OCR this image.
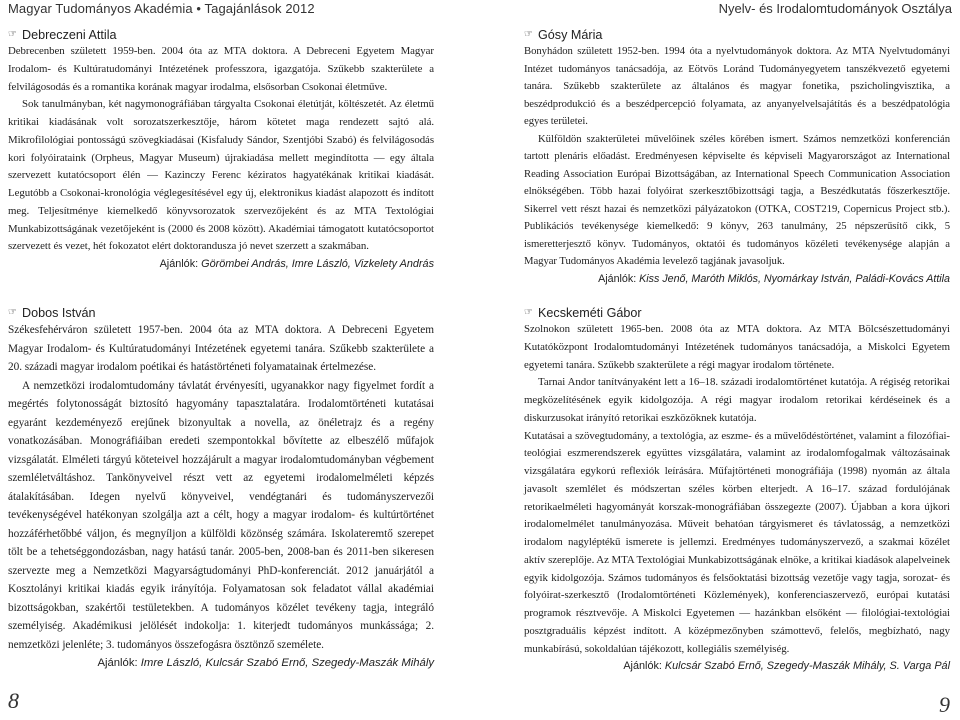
Magyar Tudományos Akadémia • Tagajánlások 2012	Nyelv- és Irodalomtudományok Osztálya
☞ Debreczeni Attila

Debrecenben született 1959-ben. 2004 óta az MTA doktora. A Debreceni Egyetem Magyar Irodalom- és Kultúratudományi Intézetének professzora, igazgatója. Szűkebb szakterülete a felvilágosodás és a romantika korának magyar irodalma, elsősorban Csokonai életműve.

Sok tanulmányban, két nagymonográfiában tárgyalta Csokonai életútját, költészetét. Az életmű kritikai kiadásának volt sorozatszerkesztője, három kötetet maga rendezett sajtó alá. Mikrofilológiai pontosságú szövegkiadásai (Kisfaludy Sándor, Szentjóbi Szabó) és felvilágosodás kori folyóirataink (Orpheus, Magyar Museum) újrakiadása mellett megindította — egy általa szervezett kutatócsoport élén — Kazinczy Ferenc kéziratos hagyatékának kritikai kiadását. Legutóbb a Csokonai-kronológia véglegesítésével egy új, elektronikus kiadást alapozott és indított meg. Teljesítménye kiemelkedő könyvsorozatok szervezőjeként és az MTA Textológiai Munkabizottságának vezetőjeként is (2000 és 2008 között). Akadémiai támogatott kutatócsoportot szervezett és vezet, hét fokozatot elért doktorandusza jó nevet szerzett a szakmában.

Ajánlók: Görömbei András, Imre László, Vizkelety András
☞ Dobos István

Székesfehérváron született 1957-ben. 2004 óta az MTA doktora. A Debreceni Egyetem Magyar Irodalom- és Kultúratudományi Intézetének egyetemi tanára. Szűkebb szakterülete a 20. századi magyar irodalom poétikai és hatástörténeti folyamatainak értelmezése.

A nemzetközi irodalomtudomány távlatát érvényesíti, ugyanakkor nagy figyelmet fordít a megértés folytonosságát biztosító hagyomány tapasztalatára. Irodalomtörténeti kutatásai egyaránt kezdeményező erejűnek bizonyultak a novella, az önéletrajz és a regény vonatkozásában. Monográfiáiban eredeti szempontokkal bővítette az elbeszélő műfajok vizsgálatát. Elméleti tárgyú köteteivel hozzájárult a magyar irodalomtudományban végbement szemléletváltáshoz. Tankönyveivel részt vett az egyetemi irodalomelméleti képzés átalakításában. Idegen nyelvű könyveivel, vendégtanári és tudományszervezői tevékenységével hatékonyan szolgálja azt a célt, hogy a magyar irodalom- és kultúrtörténet hozzáférhetőbbé váljon, és megnyíljon a külföldi közönség számára. Iskolateremtő szerepet tölt be a tehetséggondozásban, nagy hatású tanár. 2005-ben, 2008-ban és 2011-ben sikeresen szervezte meg a Nemzetközi Magyarságtudományi PhD-konferenciát. 2012 januárjától a Kosztolányi kritikai kiadás egyik irányítója. Folyamatosan sok feladatot vállal akadémiai bizottságokban, szakértői testületekben. A tudományos közélet tevékeny tagja, integráló személyiség. Akadémikusi jelölését indokolja: 1. kiterjedt tudományos munkássága; 2. nemzetközi jelenléte; 3. tudományos összefogásra ösztönző személete.

Ajánlók: Imre László, Kulcsár Szabó Ernő, Szegedy-Maszák Mihály
☞ Gósy Mária

Bonyhádon született 1952-ben. 1994 óta a nyelvtudományok doktora. Az MTA Nyelvtudományi Intézet tudományos tanácsadója, az Eötvös Loránd Tudományegyetem tanszékvezető egyetemi tanára. Szűkebb szakterülete az általános és magyar fonetika, pszicholingvisztika, a beszédprodukció és a beszédpercepció folyamata, az anyanyelvelsajátítás és a beszédpatológia egyes területei.

Külföldön szakterületei művelőinek széles körében ismert. Számos nemzetközi konferencián tartott plenáris előadást. Eredményesen képviselte és képviseli Magyarországot az International Reading Association Európai Bizottságában, az International Speech Communication Association elnökségében. Több hazai folyóirat szerkesztőbizottsági tagja, a Beszédkutatás főszerkesztője. Sikerrel vett részt hazai és nemzetközi pályázatokon (OTKA, COST219, Copernicus Project stb.). Publikációs tevékenysége kiemelkedő: 9 könyv, 263 tanulmány, 25 népszerűsítő cikk, 5 ismeretterjesztő könyv. Tudományos, oktatói és tudományos közéleti tevékenysége alapján a Magyar Tudományos Akadémia levelező tagjának javasoljuk.

Ajánlók: Kiss Jenő, Maróth Miklós, Nyomárkay István, Paládi-Kovács Attila
☞ Kecskeméti Gábor

Szolnokon született 1965-ben. 2008 óta az MTA doktora. Az MTA Bölcsészettudományi Kutatóközpont Irodalomtudományi Intézetének tudományos tanácsadója, a Miskolci Egyetem egyetemi tanára. Szűkebb szakterülete a régi magyar irodalom története.

Tarnai Andor tanítványaként lett a 16–18. századi irodalomtörténet kutatója. A régiség retorikai megközelítésének egyik kidolgozója. A régi magyar irodalom retorikai kérdéseinek és a diskurzusokat irányító retorikai eszközöknek kutatója.

Kutatásai a szövegtudomány, a textológia, az eszme- és a művelődéstörténet, valamint a filozófiai-teológiai eszmerendszerek együttes vizsgálatára, valamint az irodalomfogalmak változásainak vizsgálatára egykorú reflexiók leírására. Műfajtörténeti monográfiája (1998) nyomán az általa javasolt szemlélet és módszertan széles körben elterjedt. A 16–17. század fordulójának retorikaelméleti hagyományát korszak-monográfiában összegezte (2007). Újabban a kora újkori irodalomelmélet tanulmányozása. Műveit behatóan tárgyismeret és távlatosság, a nemzetközi irodalom nagyléptékű ismerete is jellemzi. Eredményes tudományszervező, a szakmai közélet aktív szereplője. Az MTA Textológiai Munkabizottságának elnöke, a kritikai kiadások alapelveinek egyik kidolgozója. Számos tudományos és felsőoktatási bizottság vezetője vagy tagja, sorozat- és folyóirat-szerkesztő (Irodalomtörténeti Közlemények), konferenciaszervező, európai kutatási programok résztvevője. A Miskolci Egyetemen — hazánkban elsőként — filológiai-textológiai posztgraduális képzést indított. A középmezőnyben számottevő, felelős, megbízható, nagy munkabírású, sokoldalúan tájékozott, kollegiális személyiség.

Ajánlók: Kulcsár Szabó Ernő, Szegedy-Maszák Mihály, S. Varga Pál
8	9
